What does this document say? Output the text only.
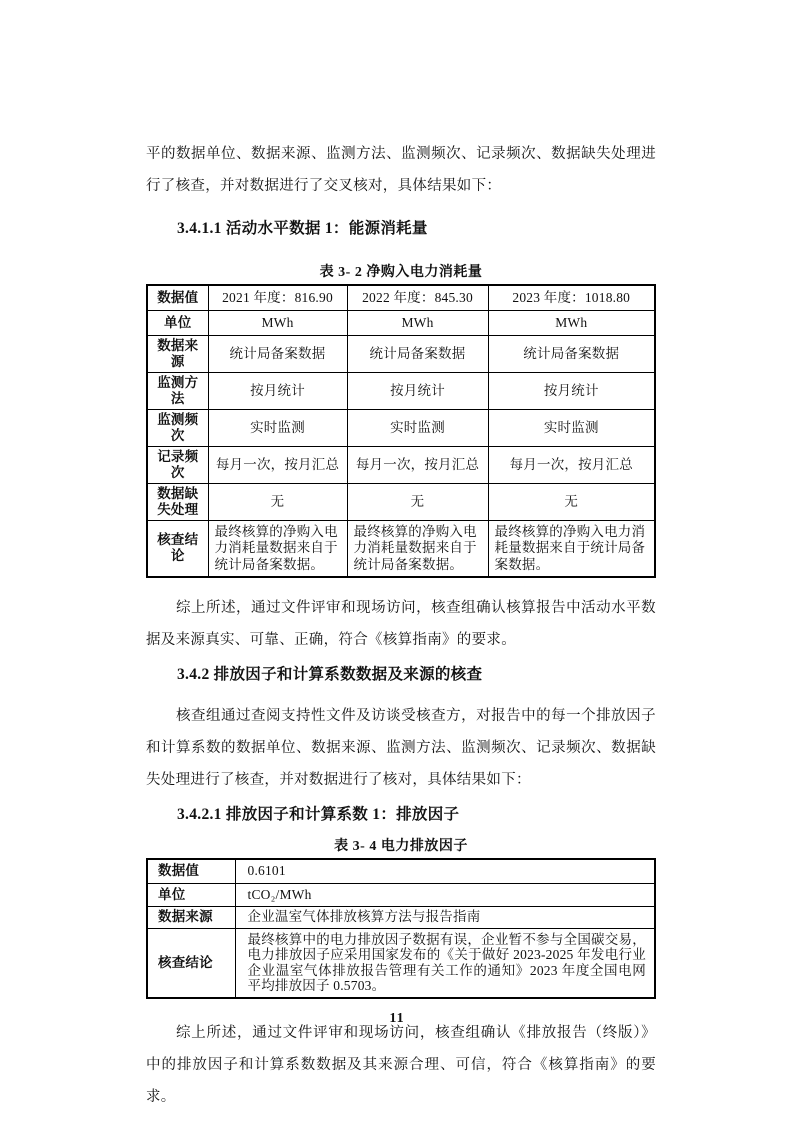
平的数据单位、数据来源、监测方法、监测频次、记录频次、数据缺失处理进行了核查，并对数据进行了交叉核对，具体结果如下：

3.4.1.1 活动水平数据 1：能源消耗量
表 3- 2 净购入电力消耗量
数据值	2021 年度：816.90	2022 年度：845.30	2023 年度：1018.80
单位	MWh	MWh	MWh
数据来源	统计局备案数据	统计局备案数据	统计局备案数据
监测方法	按月统计	按月统计	按月统计
监测频次	实时监测	实时监测	实时监测
记录频次	每月一次，按月汇总	每月一次，按月汇总	每月一次，按月汇总
数据缺失处理	无	无	无
核查结论	最终核算的净购入电力消耗量数据来自于统计局备案数据。	最终核算的净购入电力消耗量数据来自于统计局备案数据。	最终核算的净购入电力消耗量数据来自于统计局备案数据。

综上所述，通过文件评审和现场访问，核查组确认核算报告中活动水平数据及来源真实、可靠、正确，符合《核算指南》的要求。

3.4.2 排放因子和计算系数数据及来源的核查

核查组通过查阅支持性文件及访谈受核查方，对报告中的每一个排放因子和计算系数的数据单位、数据来源、监测方法、监测频次、记录频次、数据缺失处理进行了核查，并对数据进行了核对，具体结果如下：

3.4.2.1 排放因子和计算系数 1：排放因子
表 3- 4 电力排放因子
数据值	0.6101
单位	tCO₂/MWh
数据来源	企业温室气体排放核算方法与报告指南
核查结论	最终核算中的电力排放因子数据有误，企业暂不参与全国碳交易，电力排放因子应采用国家发布的《关于做好 2023-2025 年发电行业企业温室气体排放报告管理有关工作的通知》2023 年度全国电网平均排放因子 0.5703。

综上所述，通过文件评审和现场访问，核查组确认《排放报告（终版）》中的排放因子和计算系数数据及其来源合理、可信，符合《核算指南》的要求。

11
